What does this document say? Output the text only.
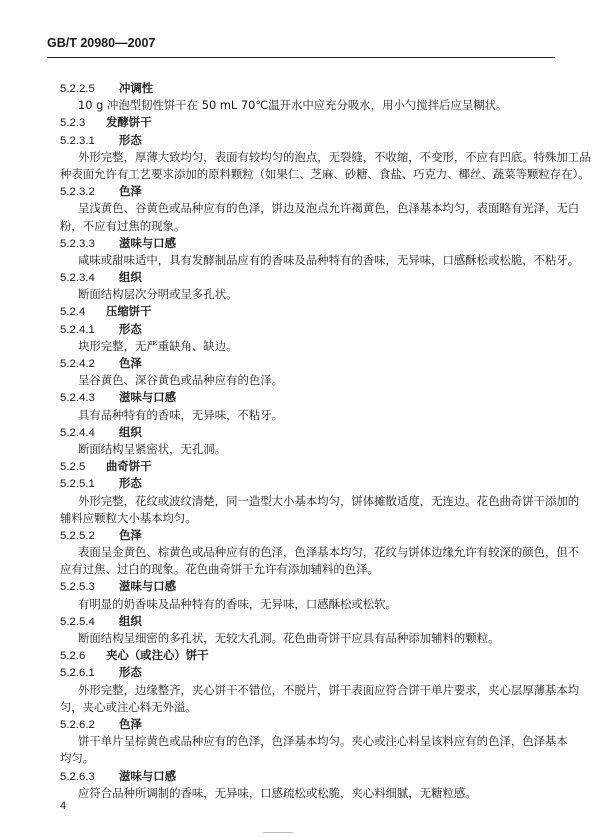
GB/T 20980—2007
5.2.2.5 冲调性
10 g 冲泡型韧性饼干在 50 mL 70℃温开水中应充分吸水，用小勺搅拌后应呈糊状。
5.2.3 发酵饼干
5.2.3.1 形态
外形完整，厚薄大致均匀，表面有较均匀的泡点，无裂缝，不收缩，不变形，不应有凹底。特殊加工品
种表面允许有工艺要求添加的原料颗粒（如果仁、芝麻、砂糖、食盐、巧克力、椰丝、蔬菜等颗粒存在）。
5.2.3.2 色泽
呈浅黄色、谷黄色或品种应有的色泽，饼边及泡点允许褐黄色，色泽基本均匀，表面略有光泽，无白
粉，不应有过焦的现象。
5.2.3.3 滋味与口感
咸味或甜味适中，具有发酵制品应有的香味及品种特有的香味，无异味，口感酥松或松脆，不粘牙。
5.2.3.4 组织
断面结构层次分明或呈多孔状。
5.2.4 压缩饼干
5.2.4.1 形态
块形完整，无严重缺角、缺边。
5.2.4.2 色泽
呈谷黄色、深谷黄色或品种应有的色泽。
5.2.4.3 滋味与口感
具有品种特有的香味，无异味，不粘牙。
5.2.4.4 组织
断面结构呈紧密状，无孔洞。
5.2.5 曲奇饼干
5.2.5.1 形态
外形完整，花纹或波纹清楚，同一造型大小基本均匀，饼体摊散适度，无连边。花色曲奇饼干添加的
辅料应颗粒大小基本均匀。
5.2.5.2 色泽
表面呈金黄色、棕黄色或品种应有的色泽，色泽基本均匀，花纹与饼体边缘允许有较深的颜色，但不
应有过焦、过白的现象。花色曲奇饼干允许有添加辅料的色泽。
5.2.5.3 滋味与口感
有明显的奶香味及品种特有的香味，无异味，口感酥松或松软。
5.2.5.4 组织
断面结构呈细密的多孔状，无较大孔洞。花色曲奇饼干应具有品种添加辅料的颗粒。
5.2.6 夹心（或注心）饼干
5.2.6.1 形态
外形完整，边缘整齐，夹心饼干不错位，不脱片，饼干表面应符合饼干单片要求，夹心层厚薄基本均
匀，夹心或注心料无外溢。
5.2.6.2 色泽
饼干单片呈棕黄色或品种应有的色泽，色泽基本均匀。夹心或注心料呈该料应有的色泽，色泽基本
均匀。
5.2.6.3 滋味与口感
应符合品种所调制的香味，无异味，口感疏松或松脆，夹心料细腻，无糖粒感。
4
